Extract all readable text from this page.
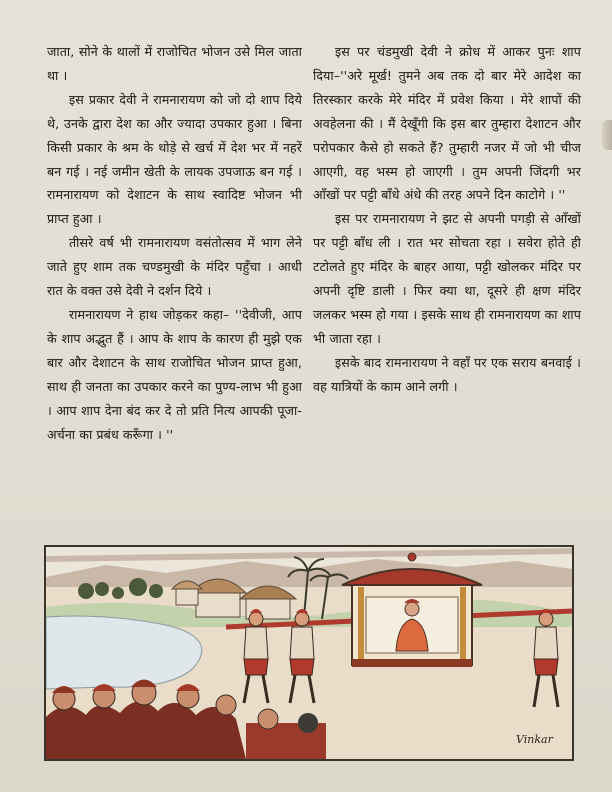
जाता, सोने के थालों में राजोचित भोजन उसे मिल जाता था ।

इस प्रकार देवी ने रामनारायण को जो दो शाप दिये थे, उनके द्वारा देश का और ज्यादा उपकार हुआ । बिना किसी प्रकार के श्रम के थोड़े से खर्च में देश भर में नहरें बन गई । नई जमीन खेती के लायक उपजाऊ बन गई । रामनारायण को देशाटन के साथ स्वादिष्ट भोजन भी प्राप्त हुआ ।

तीसरे वर्ष भी रामनारायण वसंतोत्सव में भाग लेने जाते हुए शाम तक चण्डमुखी के मंदिर पहुँचा । आधी रात के वक्त उसे देवी ने दर्शन दिये ।

रामनारायण ने हाथ जोड़कर कहा– ''देवीजी, आप के शाप अद्भुत हैं । आप के शाप के कारण ही मुझे एक बार और देशाटन के साथ राजोचित भोजन प्राप्त हुआ, साथ ही जनता का उपकार करने का पुण्य-लाभ भी हुआ । आप शाप देना बंद कर दे तो प्रति नित्य आपकी पूजा-अर्चना का प्रबंध करूँगा । ''

इस पर चंडमुखी देवी ने क्रोध में आकर पुनः शाप दिया–''अरे मूर्ख! तुमने अब तक दो बार मेरे आदेश का तिरस्कार करके मेरे मंदिर में प्रवेश किया । मेरे शापों की अवहेलना की । मैं देखूँगी कि इस बार तुम्हारा देशाटन और परोपकार कैसे हो सकते हैं? तुम्हारी नजर में जो भी चीज आएगी, वह भस्म हो जाएगी । तुम अपनी जिंदगी भर आँखों पर पट्टी बाँधे अंधे की तरह अपने दिन काटोगे । ''

इस पर रामनारायण ने झट से अपनी पगड़ी से आँखों पर पट्टी बाँध ली । रात भर सोचता रहा । सवेरा होते ही टटोलते हुए मंदिर के बाहर आया, पट्टी खोलकर मंदिर पर अपनी दृष्टि डाली । फिर क्या था, दूसरे ही क्षण मंदिर जलकर भस्म हो गया । इसके साथ ही रामनारायण का शाप भी जाता रहा ।

इसके बाद रामनारायण ने वहाँ पर एक सराय बनवाई । वह यात्रियों के काम आने लगी ।

Vinkar
